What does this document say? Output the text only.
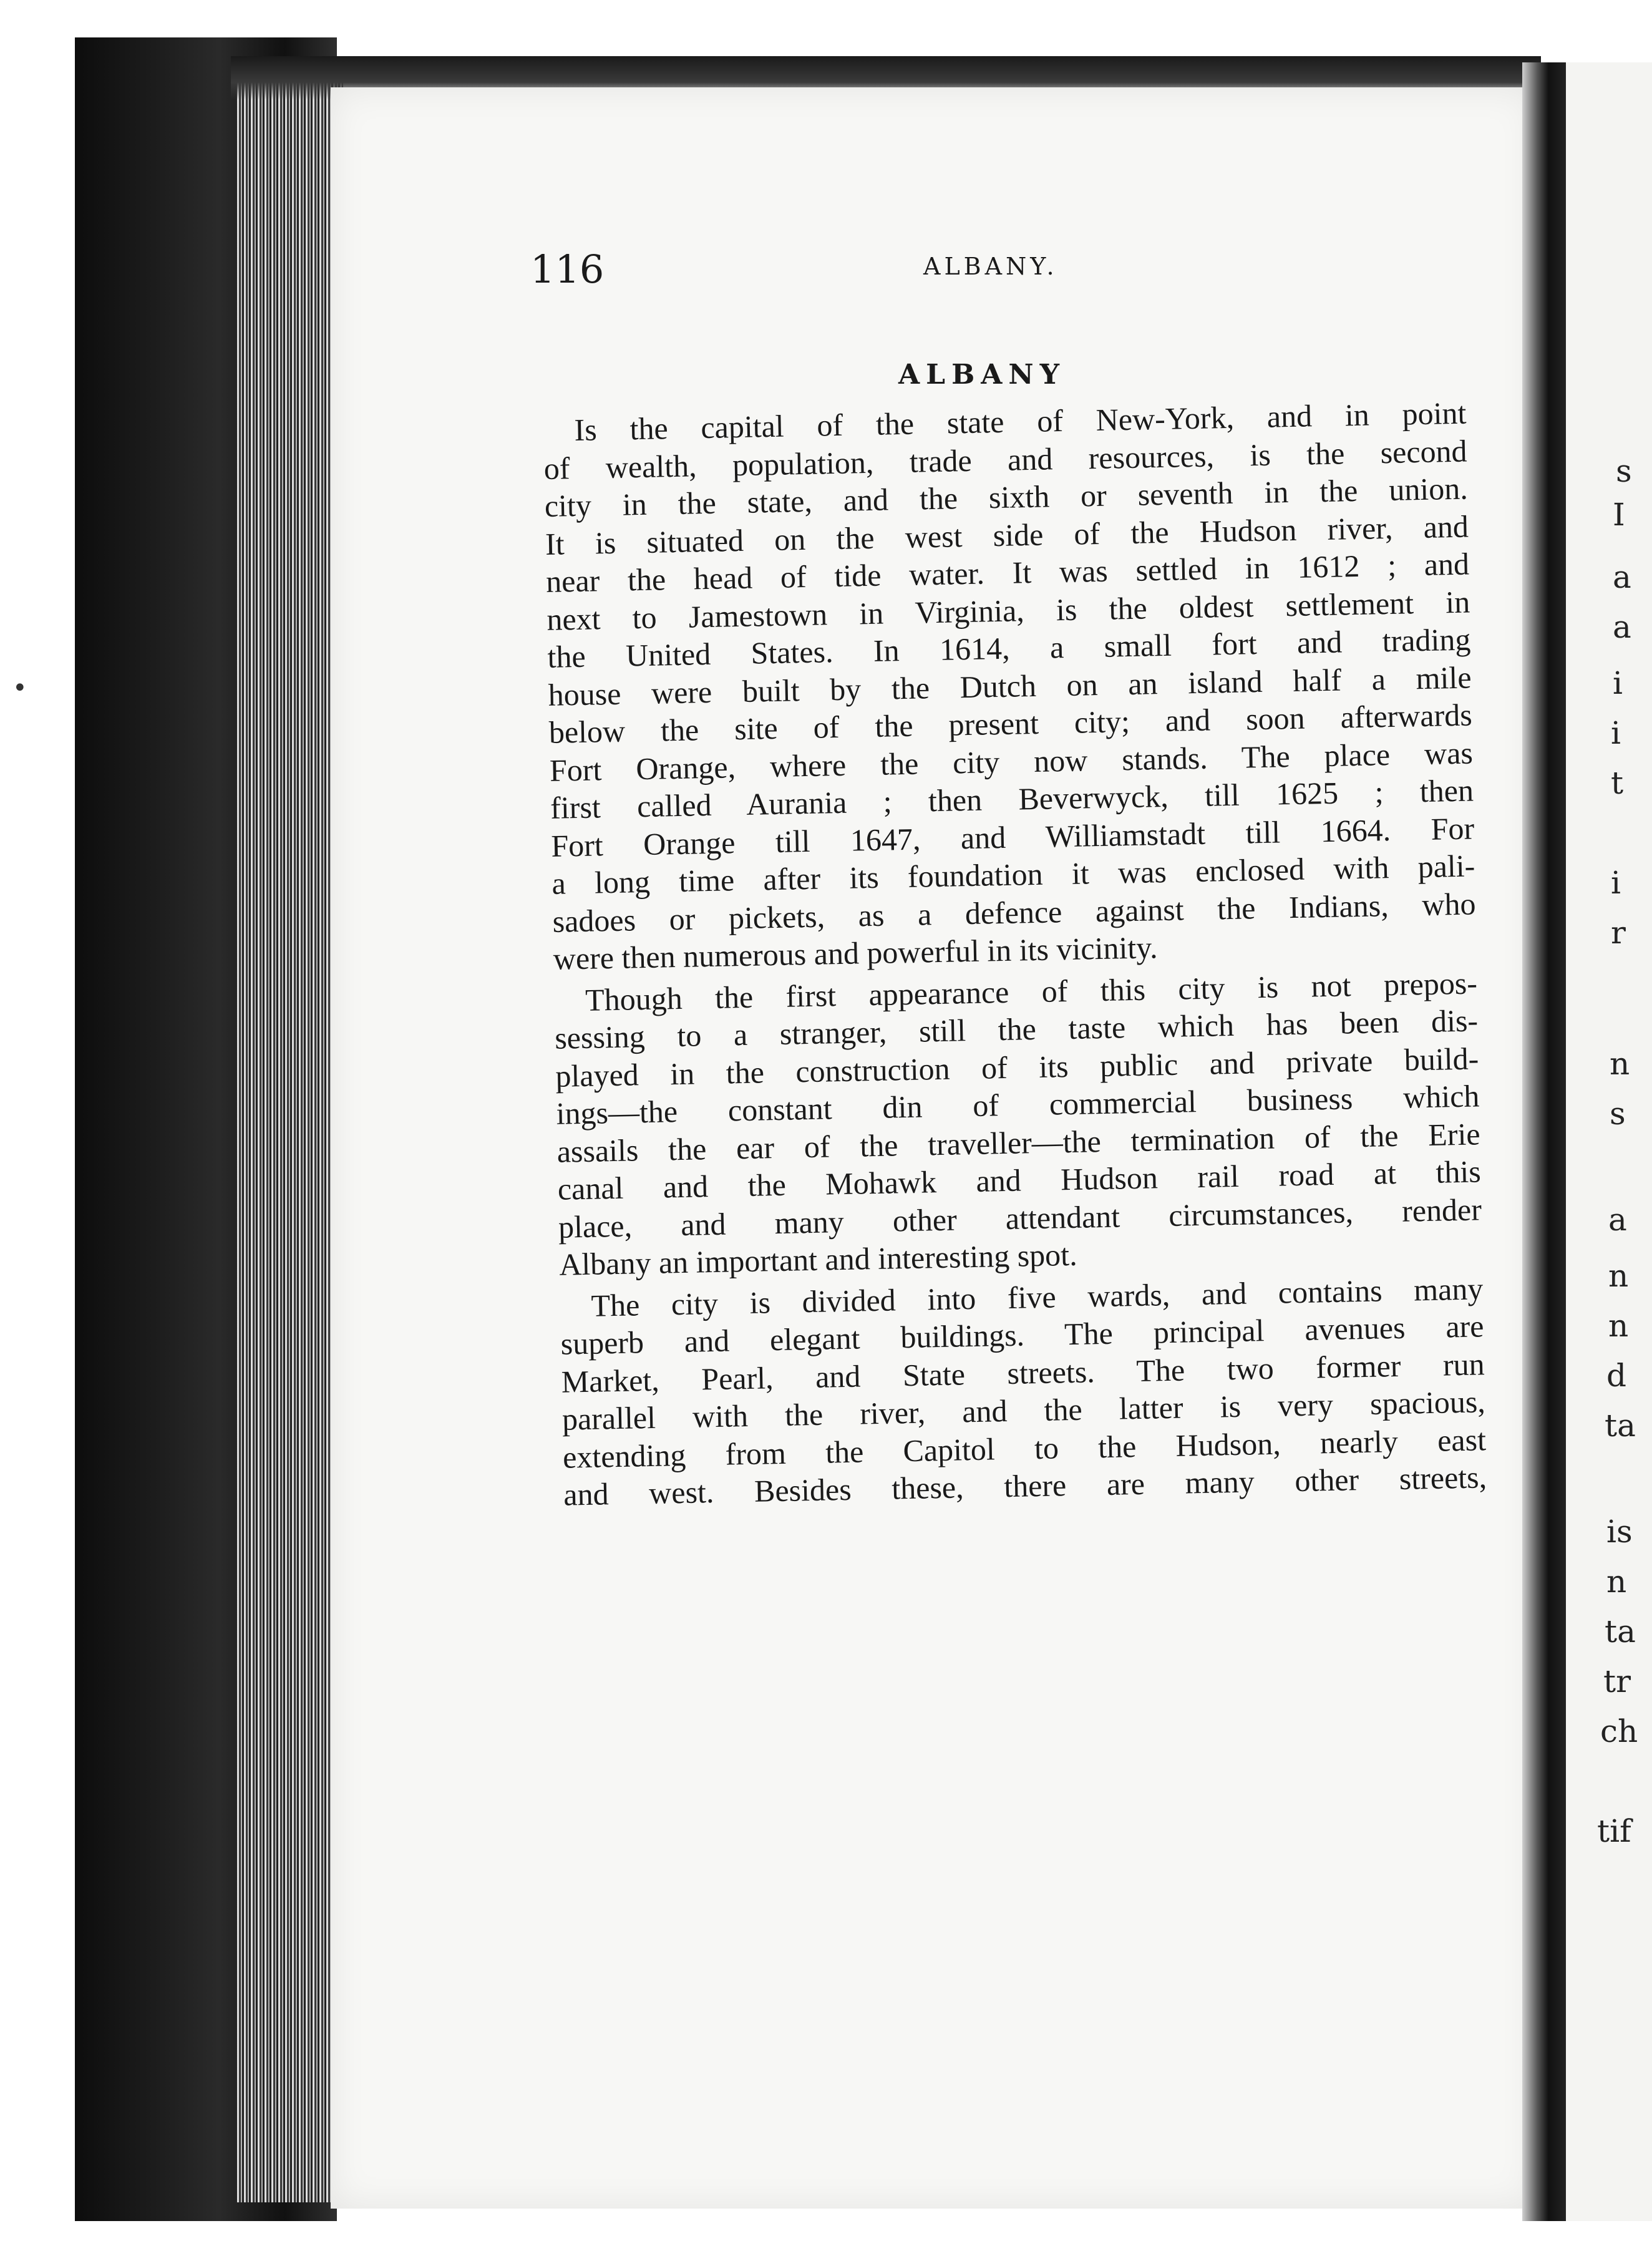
•
116	ALBANY.
ALBANY
Is the capital of the state of New-York, and in point
of wealth, population, trade and resources, is the second
city in the state, and the sixth or seventh in the union.
It is situated on the west side of the Hudson river, and
near the head of tide water. It was settled in 1612 ; and
next to Jamestown in Virginia, is the oldest settlement in
the United States. In 1614, a small fort and trading
house were built by the Dutch on an island half a mile
below the site of the present city; and soon afterwards
Fort Orange, where the city now stands. The place was
first called Aurania ; then Beverwyck, till 1625 ; then
Fort Orange till 1647, and Williamstadt till 1664. For
a long time after its foundation it was enclosed with pali-
sadoes or pickets, as a defence against the Indians, who
were then numerous and powerful in its vicinity.
Though the first appearance of this city is not prepos-
sessing to a stranger, still the taste which has been dis-
played in the construction of its public and private build-
ings—the constant din of commercial business which
assails the ear of the traveller—the termination of the Erie
canal and the Mohawk and Hudson rail road at this
place, and many other attendant circumstances, render
Albany an important and interesting spot.
The city is divided into five wards, and contains many
superb and elegant buildings. The principal avenues are
Market, Pearl, and State streets. The two former run
parallel with the river, and the latter is very spacious,
extending from the Capitol to the Hudson, nearly east
and west. Besides these, there are many other streets,
s
I
a
a
i
i
t
i
r
n
s
a
n
n
d
ta
is
n
ta
tr
ch
tif
